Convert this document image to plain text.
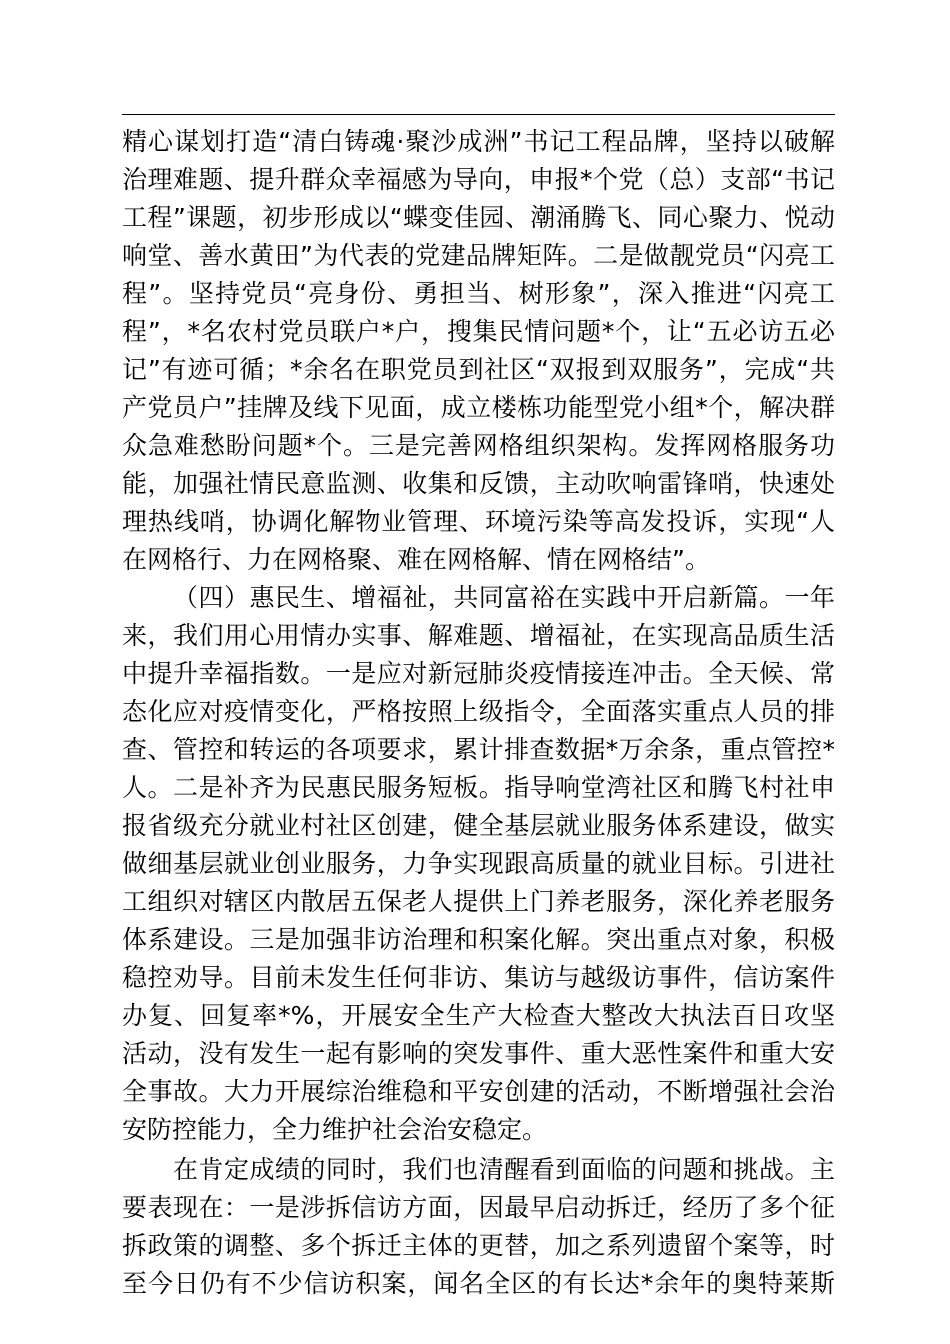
精心谋划打造“清白铸魂·聚沙成洲”书记工程品牌，坚持以破解
治理难题、提升群众幸福感为导向，申报*个党（总）支部“书记
工程”课题，初步形成以“蝶变佳园、潮涌腾飞、同心聚力、悦动
响堂、善水黄田”为代表的党建品牌矩阵。二是做靓党员“闪亮工
程”。坚持党员“亮身份、勇担当、树形象”，深入推进“闪亮工
程”，*名农村党员联户*户，搜集民情问题*个，让“五必访五必
记”有迹可循；*余名在职党员到社区“双报到双服务”，完成“共
产党员户”挂牌及线下见面，成立楼栋功能型党小组*个，解决群
众急难愁盼问题*个。三是完善网格组织架构。发挥网格服务功
能，加强社情民意监测、收集和反馈，主动吹响雷锋哨，快速处
理热线哨，协调化解物业管理、环境污染等高发投诉，实现“人
在网格行、力在网格聚、难在网格解、情在网格结”。
（四）惠民生、增福祉，共同富裕在实践中开启新篇。一年
来，我们用心用情办实事、解难题、增福祉，在实现高品质生活
中提升幸福指数。一是应对新冠肺炎疫情接连冲击。全天候、常
态化应对疫情变化，严格按照上级指令，全面落实重点人员的排
查、管控和转运的各项要求，累计排查数据*万余条，重点管控*
人。二是补齐为民惠民服务短板。指导响堂湾社区和腾飞村社申
报省级充分就业村社区创建，健全基层就业服务体系建设，做实
做细基层就业创业服务，力争实现跟高质量的就业目标。引进社
工组织对辖区内散居五保老人提供上门养老服务，深化养老服务
体系建设。三是加强非访治理和积案化解。突出重点对象，积极
稳控劝导。目前未发生任何非访、集访与越级访事件，信访案件
办复、回复率*%，开展安全生产大检查大整改大执法百日攻坚
活动，没有发生一起有影响的突发事件、重大恶性案件和重大安
全事故。大力开展综治维稳和平安创建的活动，不断增强社会治
安防控能力，全力维护社会治安稳定。
在肯定成绩的同时，我们也清醒看到面临的问题和挑战。主
要表现在：一是涉拆信访方面，因最早启动拆迁，经历了多个征
拆政策的调整、多个拆迁主体的更替，加之系列遗留个案等，时
至今日仍有不少信访积案，闻名全区的有长达*余年的奥特莱斯
